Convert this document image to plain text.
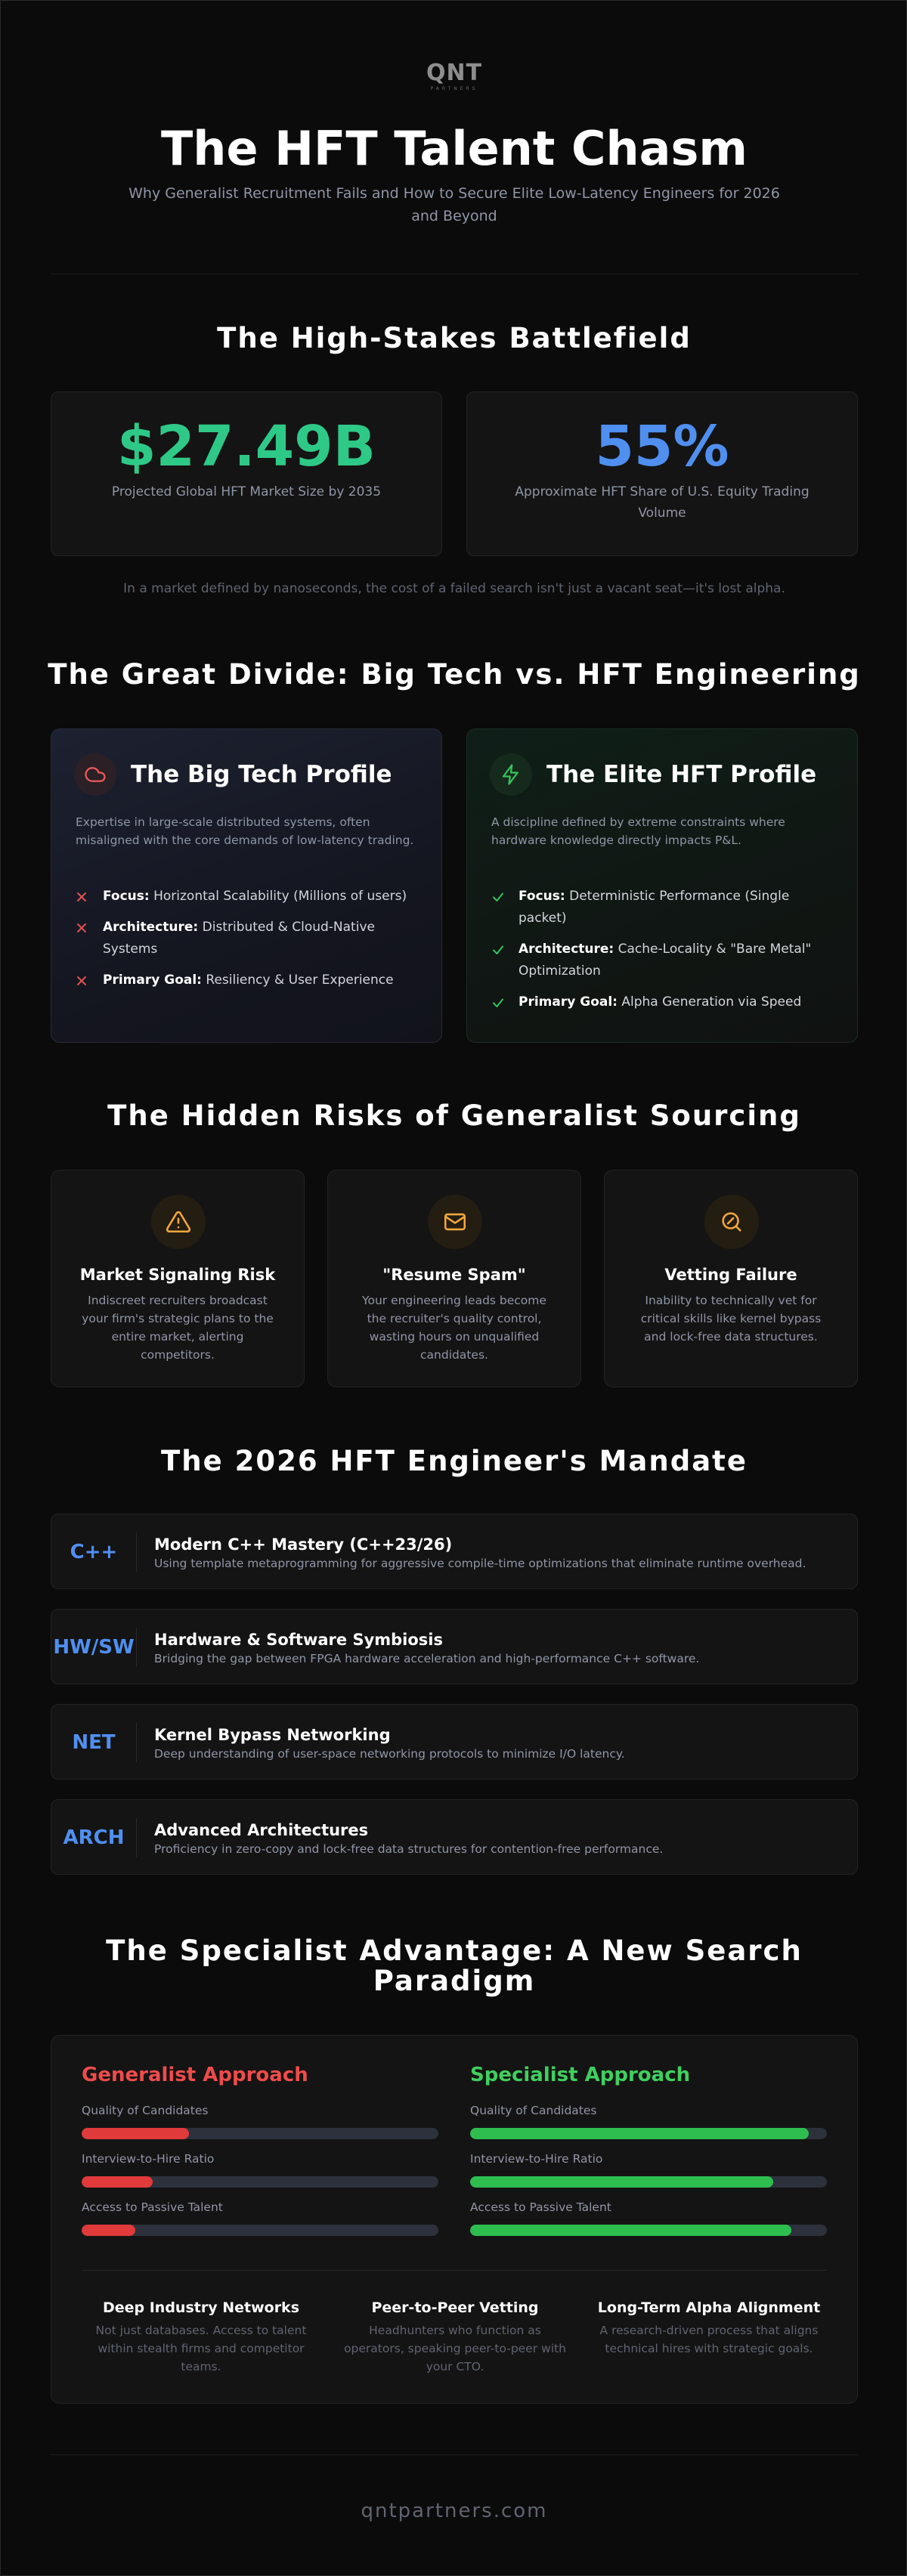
QNT
PARTNERS
The HFT Talent Chasm
Why Generalist Recruitment Fails and How to Secure Elite Low-Latency Engineers for 2026 and Beyond
The High-Stakes Battlefield
$27.49B
Projected Global HFT Market Size by 2035
55%
Approximate HFT Share of U.S. Equity Trading Volume
In a market defined by nanoseconds, the cost of a failed search isn't just a vacant seat—it's lost alpha.
The Great Divide: Big Tech vs. HFT Engineering
The Big Tech Profile
Expertise in large-scale distributed systems, often misaligned with the core demands of low-latency trading.
Focus: Horizontal Scalability (Millions of users)
Architecture: Distributed & Cloud-Native Systems
Primary Goal: Resiliency & User Experience
The Elite HFT Profile
A discipline defined by extreme constraints where hardware knowledge directly impacts P&L.
Focus: Deterministic Performance (Single packet)
Architecture: Cache-Locality & "Bare Metal" Optimization
Primary Goal: Alpha Generation via Speed
The Hidden Risks of Generalist Sourcing
Market Signaling Risk
Indiscreet recruiters broadcast your firm's strategic plans to the entire market, alerting competitors.
"Resume Spam"
Your engineering leads become the recruiter's quality control, wasting hours on unqualified candidates.
Vetting Failure
Inability to technically vet for critical skills like kernel bypass and lock-free data structures.
The 2026 HFT Engineer's Mandate
C++	Modern C++ Mastery (C++23/26)
Using template metaprogramming for aggressive compile-time optimizations that eliminate runtime overhead.
HW/SW Hardware & Software Symbiosis
Bridging the gap between FPGA hardware acceleration and high-performance C++ software.
NET	Kernel Bypass Networking
Deep understanding of user-space networking protocols to minimize I/O latency.
ARCH	Advanced Architectures
Proficiency in zero-copy and lock-free data structures for contention-free performance.
The Specialist Advantage: A New Search
Paradigm
Generalist Approach
Quality of Candidates
Interview-to-Hire Ratio
Access to Passive Talent
Specialist Approach
Quality of Candidates
Interview-to-Hire Ratio
Access to Passive Talent
Deep Industry Networks
Not just databases. Access to talent within stealth firms and competitor teams.
Peer-to-Peer Vetting
Headhunters who function as operators, speaking peer-to-peer with your CTO.
Long-Term Alpha Alignment
A research-driven process that aligns technical hires with strategic goals.
qntpartners.com
